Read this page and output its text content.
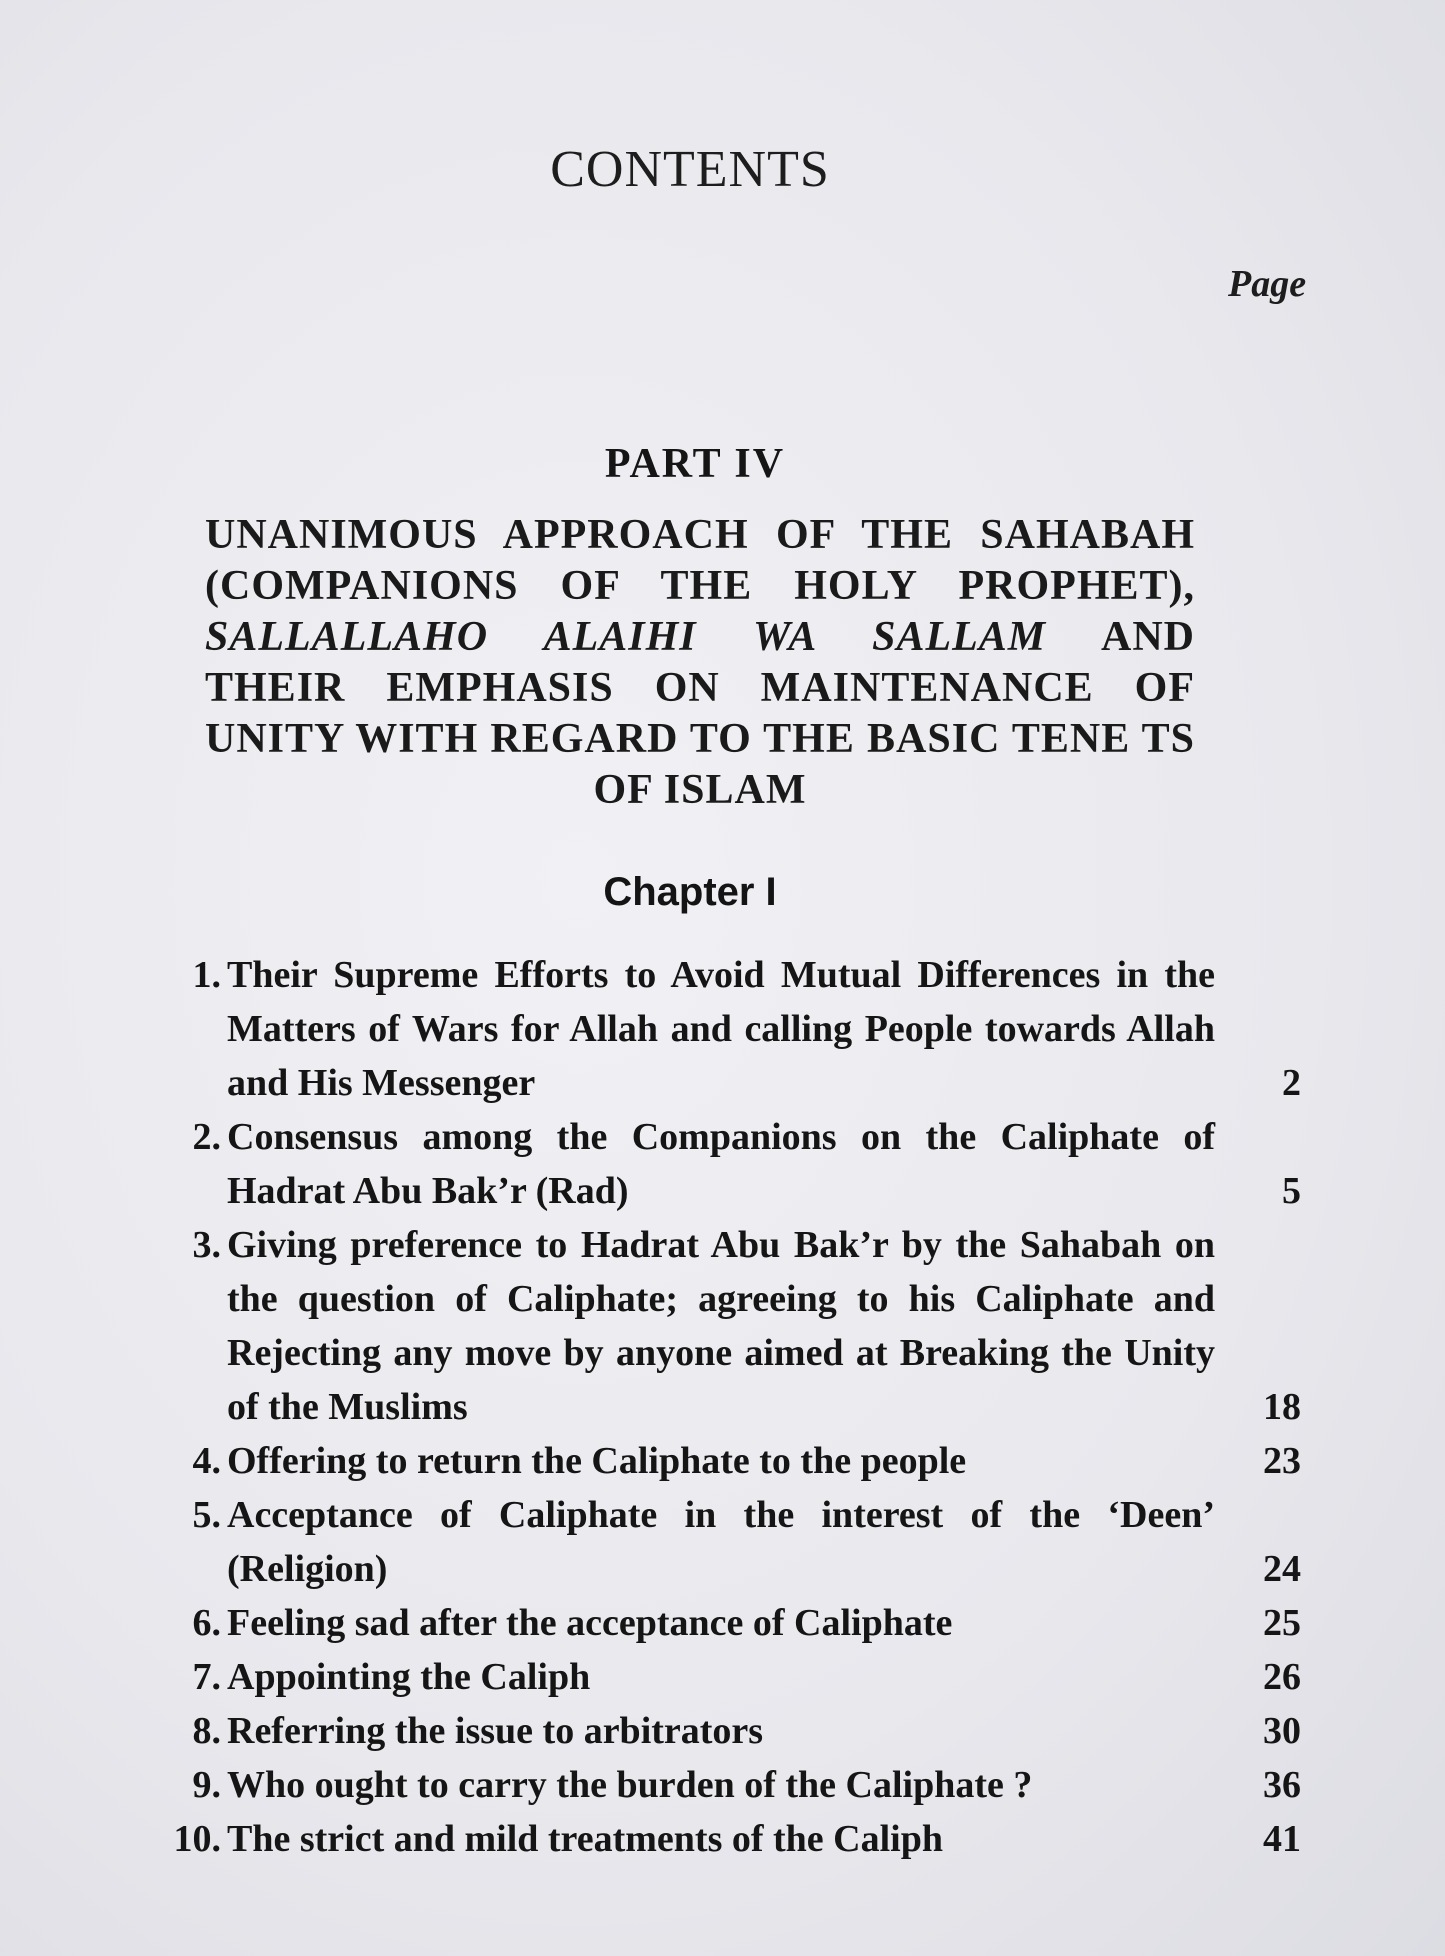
CONTENTS
Page
PART IV
UNANIMOUS APPROACH OF THE SAHABAH
(COMPANIONS OF THE HOLY PROPHET),
SALLALLAHO ALAIHI WA SALLAM AND
THEIR EMPHASIS ON MAINTENANCE OF
UNITY WITH REGARD TO THE BASIC TENE TS
OF ISLAM
Chapter I
1. Their Supreme Efforts to Avoid Mutual Differences in the Matters of Wars for Allah and calling People towards Allah and His Messenger	2
2. Consensus among the Companions on the Caliphate of Hadrat Abu Bak’r (Rad)	5
3. Giving preference to Hadrat Abu Bak’r by the Sahabah on the question of Caliphate; agreeing to his Caliphate and Rejecting any move by anyone aimed at Breaking the Unity of the Muslims	18
4. Offering to return the Caliphate to the people	23
5. Acceptance of Caliphate in the interest of the ‘Deen’ (Religion)	24
6. Feeling sad after the acceptance of Caliphate	25
7. Appointing the Caliph	26
8. Referring the issue to arbitrators	30
9. Who ought to carry the burden of the Caliphate ?	36
10. The strict and mild treatments of the Caliph	41
